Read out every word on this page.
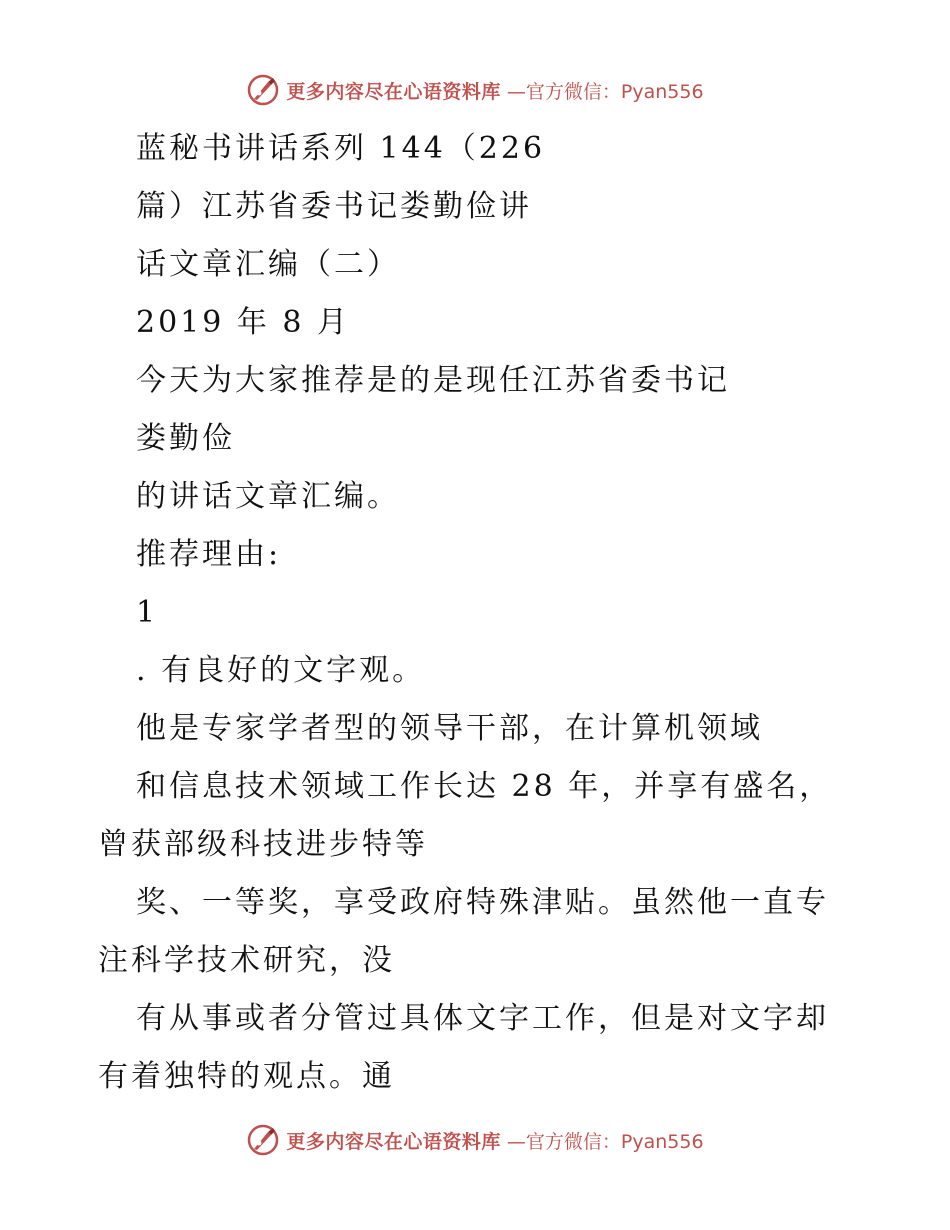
更多内容尽在心语资料库 —官方微信：Pyan556
蓝秘书讲话系列 144（226
篇）江苏省委书记娄勤俭讲
话文章汇编（二）
2019 年 8 月
今天为大家推荐是的是现任江苏省委书记
娄勤俭
的讲话文章汇编。
推荐理由:
1
. 有良好的文字观。
他是专家学者型的领导干部，在计算机领域
和信息技术领域工作长达 28 年，并享有盛名，
曾获部级科技进步特等
奖、一等奖，享受政府特殊津贴。虽然他一直专
注科学技术研究，没
有从事或者分管过具体文字工作，但是对文字却
有着独特的观点。通
更多内容尽在心语资料库 —官方微信：Pyan556
